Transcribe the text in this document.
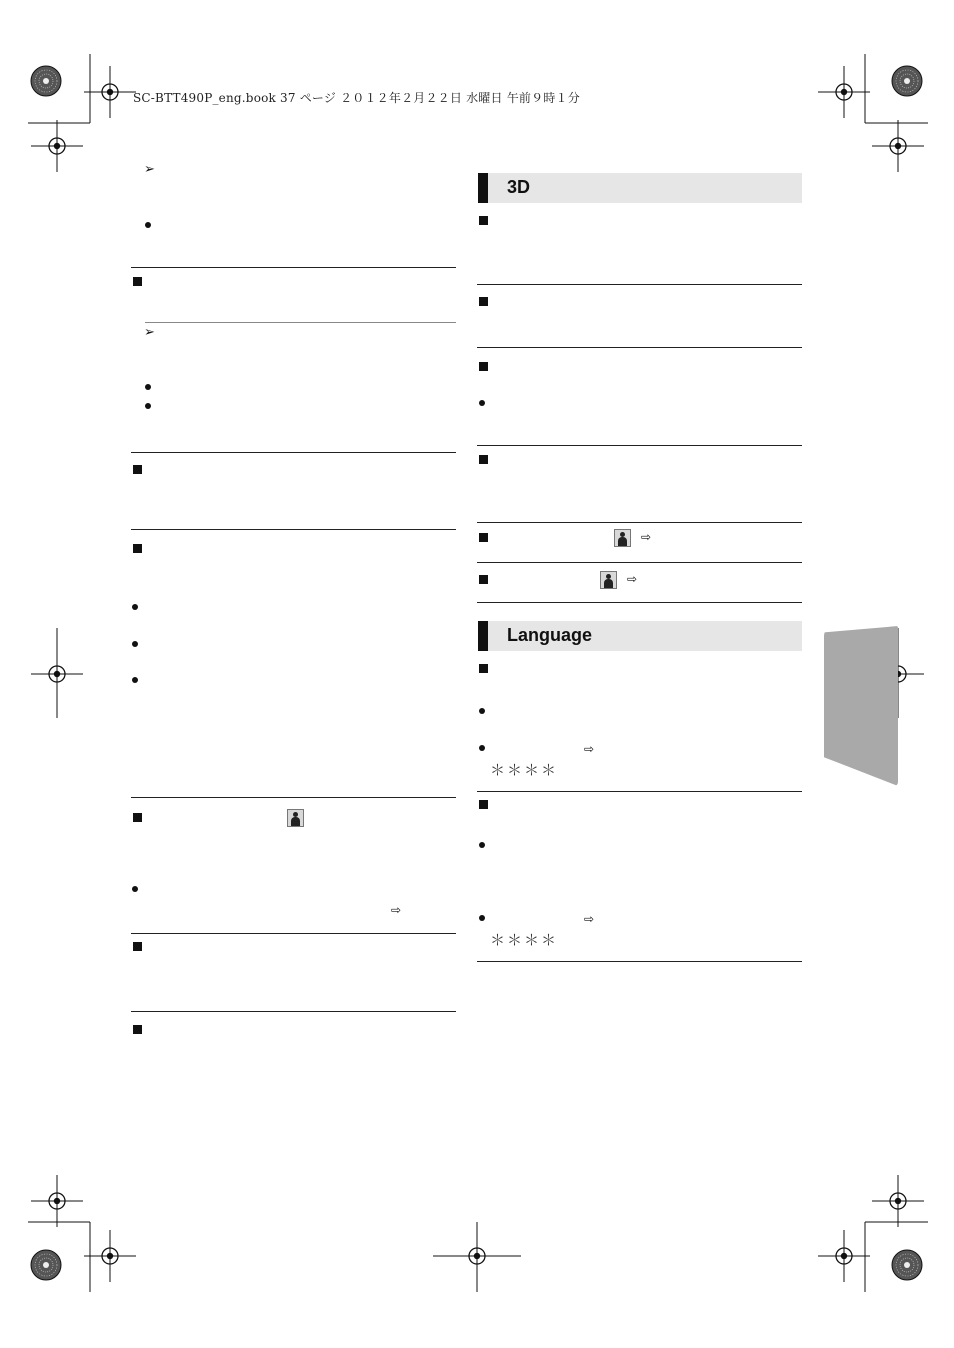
SC-BTT490P_eng.book 37 ページ ２０１２年２月２２日 水曜日 午前９時１分
➢
➢
⇨
3D
⇨
⇨
Language
⇨
＊＊＊＊
⇨
＊＊＊＊
